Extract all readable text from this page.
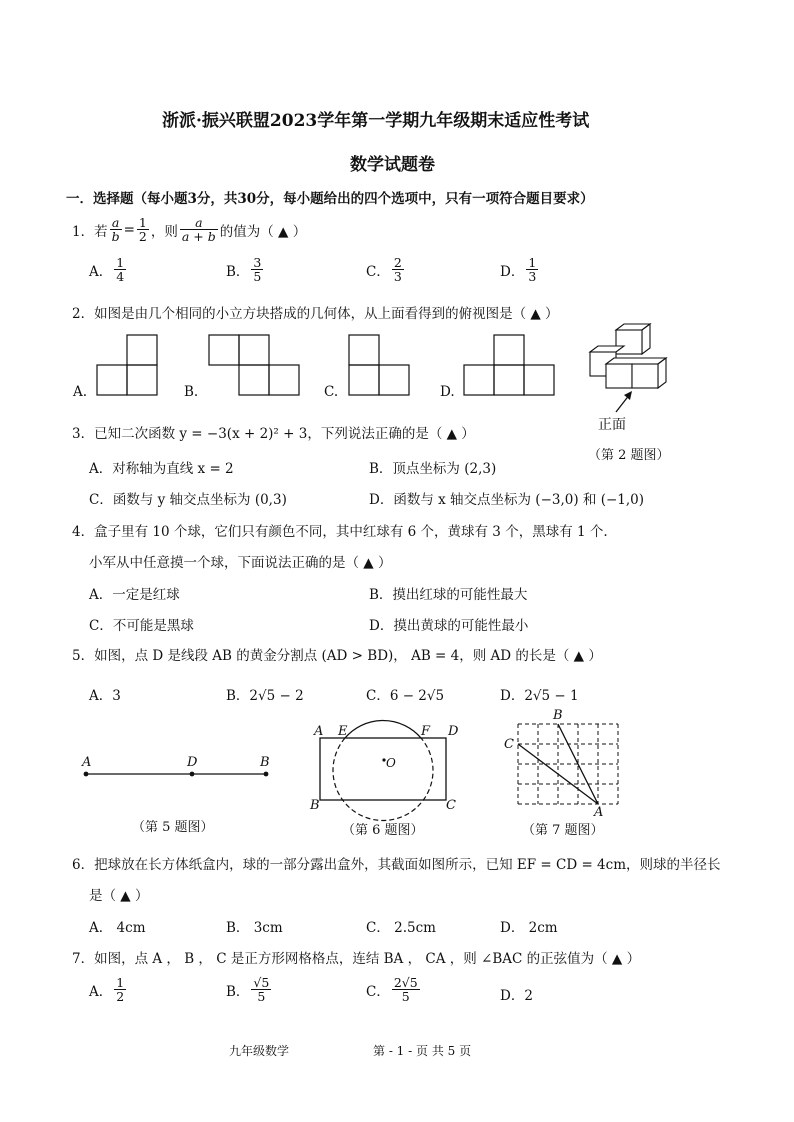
浙派·振兴联盟2023学年第一学期九年级期末适应性考试
数学试题卷
一．选择题（每小题3分，共30分，每小题给出的四个选项中，只有一项符合题目要求）
1．若 $\frac{a}{b} = \frac{1}{2}$ ，则 $\frac{a}{a + b}$ 的值为（ ▲ ）
A． $\frac{1}{4}$	B． $\frac{3}{5}$	C． $\frac{2}{3}$	D． $\frac{1}{3}$
2．如图是由几个相同的小立方块搭成的几何体，从上面看得到的俯视图是（ ▲ ）
A.	B.	C.	D.
正面
（第 2 题图）
3．已知二次函数 y = −3(x + 2)² + 3，下列说法正确的是（ ▲ ）
A．对称轴为直线 x = 2	B．顶点坐标为 (2,3)
C．函数与 y 轴交点坐标为 (0,3)	D．函数与 x 轴交点坐标为 (−3,0) 和 (−1,0)
4．盒子里有 10 个球，它们只有颜色不同，其中红球有 6 个，黄球有 3 个，黑球有 1 个.
小军从中任意摸一个球，下面说法正确的是（ ▲ ）
A．一定是红球	B．摸出红球的可能性最大
C．不可能是黑球	D．摸出黄球的可能性最小
5．如图，点 D 是线段 AB 的黄金分割点 (AD > BD)， AB = 4，则 AD 的长是（ ▲ ）
A．3	B．2√5 − 2	C．6 − 2√5	D．2√5 − 1
A	D	B
（第 5 题图）
A E	F D
O
B	C
（第 6 题图）
B
C
A
（第 7 题图）
6．把球放在长方体纸盒内，球的一部分露出盒外，其截面如图所示，已知 EF = CD = 4cm，则球的半径长
是（ ▲ ）
A． 4cm	B． 3cm	C． 2.5cm	D． 2cm
7．如图，点 A ， B ， C 是正方形网格格点，连结 BA ， CA ，则 ∠BAC 的正弦值为（ ▲ ）
A． $\frac{1}{2}$	B． $\frac{√5}{5}$	C． $\frac{2√5}{5}$	D．2
九年级数学	第 - 1 - 页 共 5 页
